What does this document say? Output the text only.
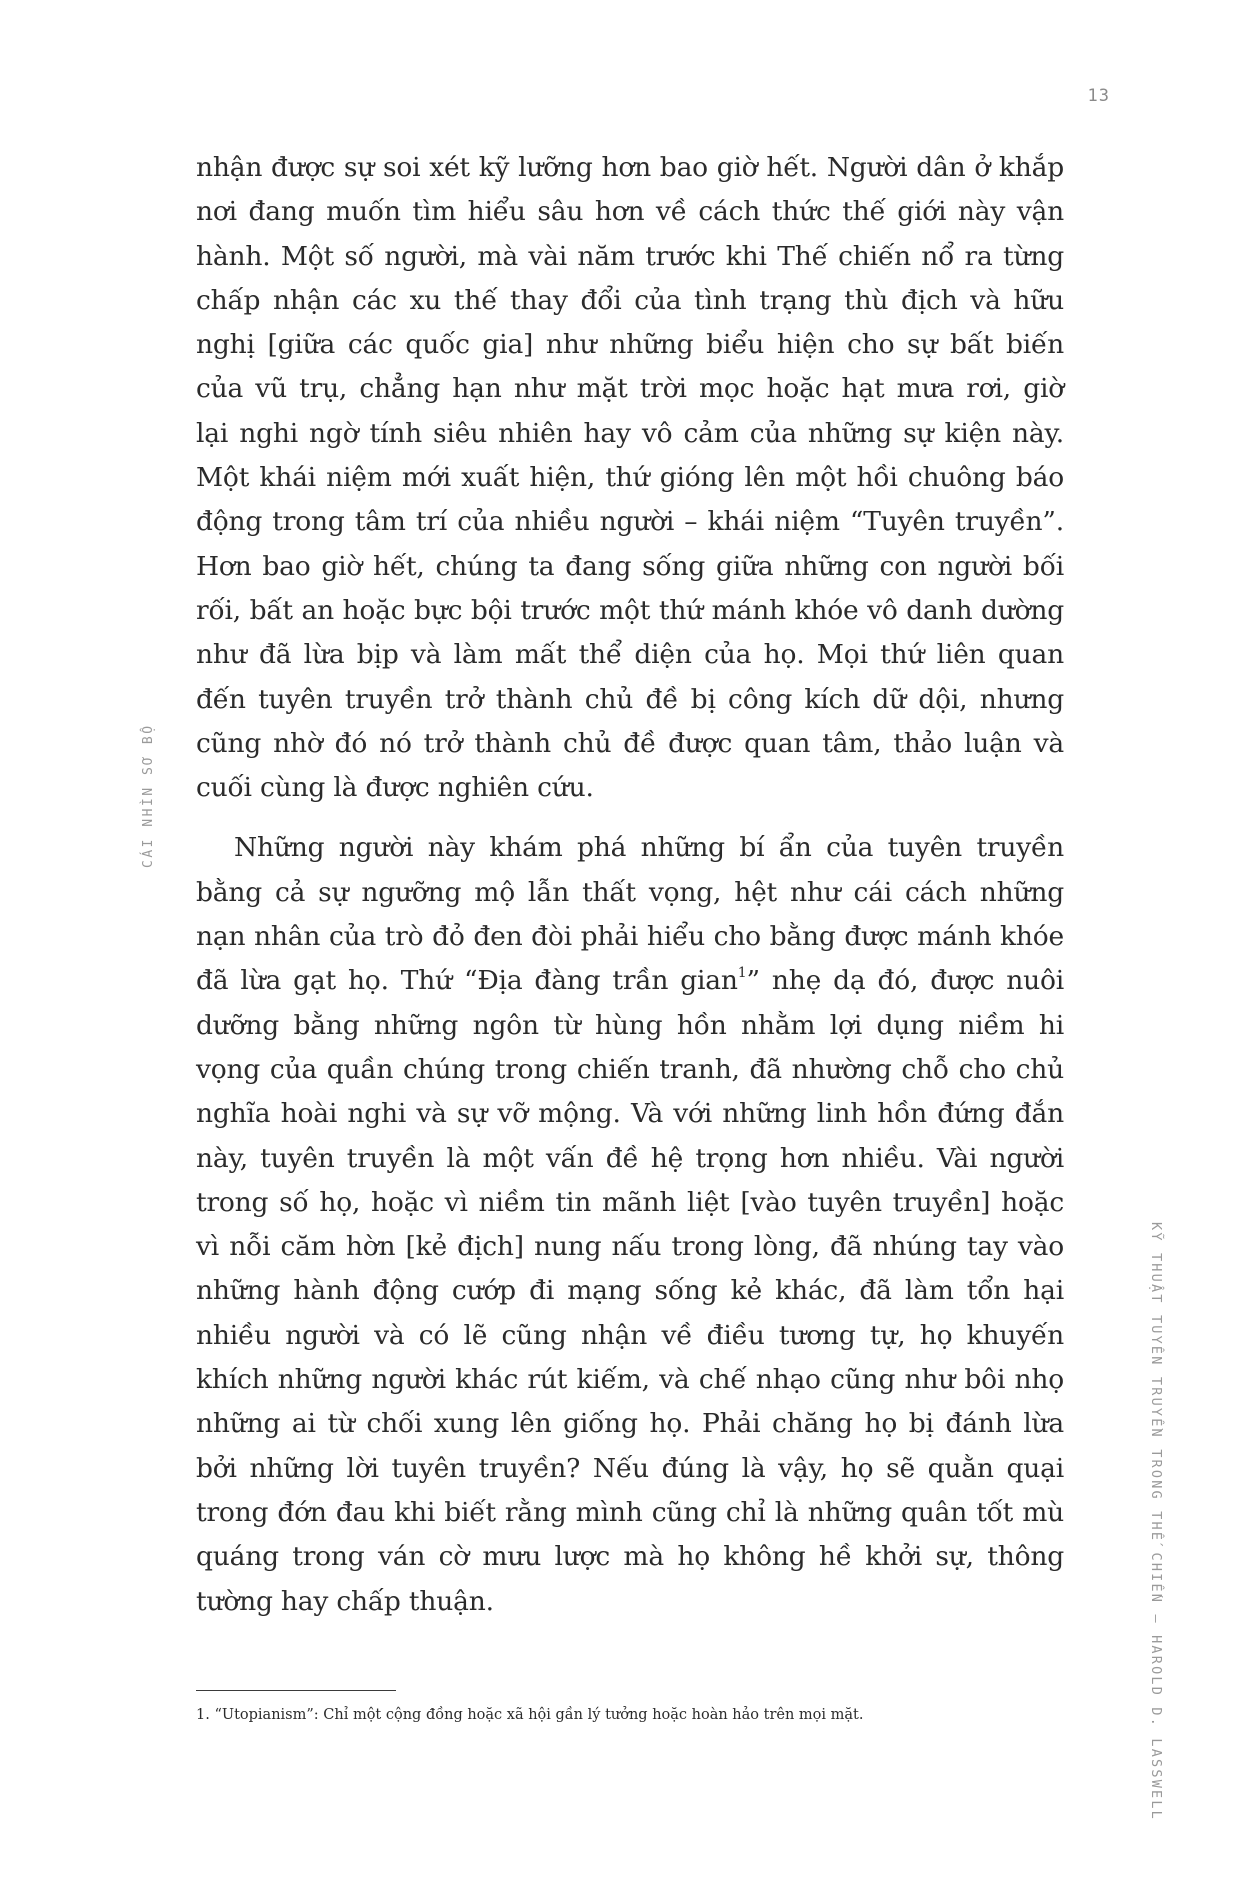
13
CÁI NHÌN SƠ BỘ
KỸ THUẬT TUYÊN TRUYỀN TRONG THẾ CHIẾN – HAROLD D. LASSWELL
nhận được sự soi xét kỹ lưỡng hơn bao giờ hết. Người dân ở khắp
nơi đang muốn tìm hiểu sâu hơn về cách thức thế giới này vận
hành. Một số người, mà vài năm trước khi Thế chiến nổ ra từng
chấp nhận các xu thế thay đổi của tình trạng thù địch và hữu
nghị [giữa các quốc gia] như những biểu hiện cho sự bất biến
của vũ trụ, chẳng hạn như mặt trời mọc hoặc hạt mưa rơi, giờ
lại nghi ngờ tính siêu nhiên hay vô cảm của những sự kiện này.
Một khái niệm mới xuất hiện, thứ gióng lên một hồi chuông báo
động trong tâm trí của nhiều người – khái niệm “Tuyên truyền”.
Hơn bao giờ hết, chúng ta đang sống giữa những con người bối
rối, bất an hoặc bực bội trước một thứ mánh khóe vô danh dường
như đã lừa bịp và làm mất thể diện của họ. Mọi thứ liên quan
đến tuyên truyền trở thành chủ đề bị công kích dữ dội, nhưng
cũng nhờ đó nó trở thành chủ đề được quan tâm, thảo luận và
cuối cùng là được nghiên cứu.
Những người này khám phá những bí ẩn của tuyên truyền
bằng cả sự ngưỡng mộ lẫn thất vọng, hệt như cái cách những
nạn nhân của trò đỏ đen đòi phải hiểu cho bằng được mánh khóe
đã lừa gạt họ. Thứ “Địa đàng trần gian$^1$” nhẹ dạ đó, được nuôi
dưỡng bằng những ngôn từ hùng hồn nhằm lợi dụng niềm hi
vọng của quần chúng trong chiến tranh, đã nhường chỗ cho chủ
nghĩa hoài nghi và sự vỡ mộng. Và với những linh hồn đứng đắn
này, tuyên truyền là một vấn đề hệ trọng hơn nhiều. Vài người
trong số họ, hoặc vì niềm tin mãnh liệt [vào tuyên truyền] hoặc
vì nỗi căm hờn [kẻ địch] nung nấu trong lòng, đã nhúng tay vào
những hành động cướp đi mạng sống kẻ khác, đã làm tổn hại
nhiều người và có lẽ cũng nhận về điều tương tự, họ khuyến
khích những người khác rút kiếm, và chế nhạo cũng như bôi nhọ
những ai từ chối xung lên giống họ. Phải chăng họ bị đánh lừa
bởi những lời tuyên truyền? Nếu đúng là vậy, họ sẽ quằn quại
trong đớn đau khi biết rằng mình cũng chỉ là những quân tốt mù
quáng trong ván cờ mưu lược mà họ không hề khởi sự, thông
tường hay chấp thuận.
1. “Utopianism”: Chỉ một cộng đồng hoặc xã hội gần lý tưởng hoặc hoàn hảo trên mọi mặt.
